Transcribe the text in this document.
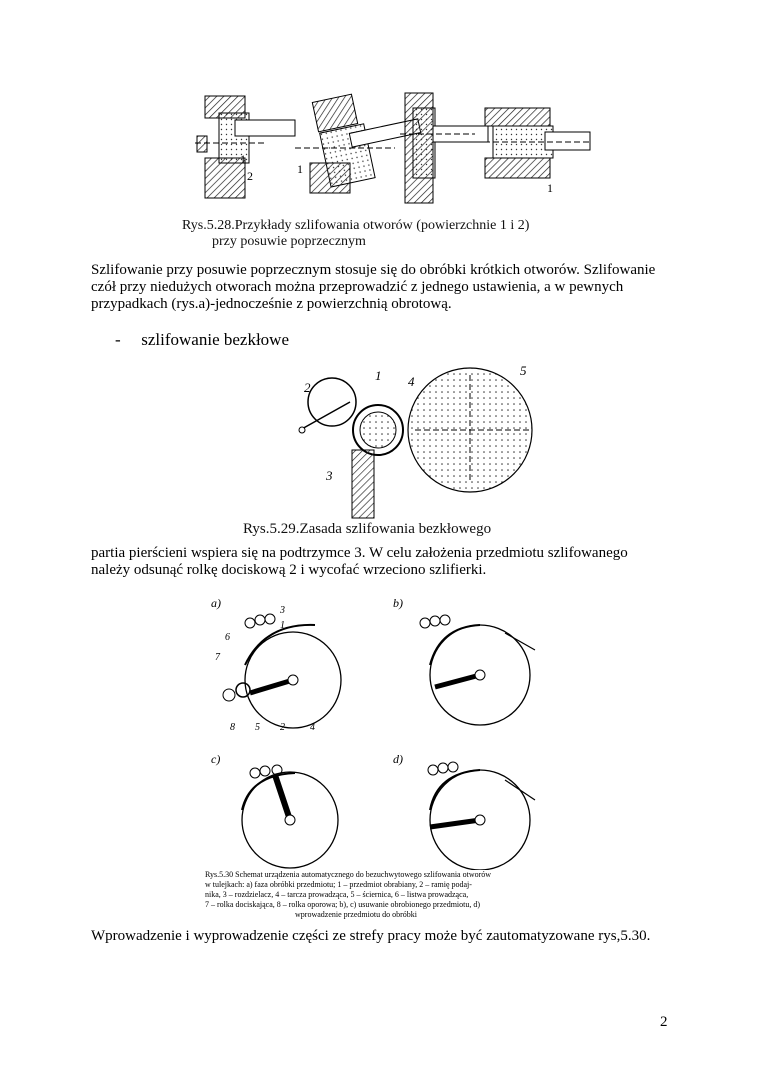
1
2	1
1
Rys.5.28.Przykłady szlifowania otworów (powierzchnie 1 i 2)
przy posuwie poprzecznym
Szlifowanie przy posuwie poprzecznym stosuje się do obróbki krótkich otworów. Szlifowanie
czół przy niedużych otworach można przeprowadzić z jednego ustawienia, a w pewnych
przypadkach (rys.a)-jednocześnie z powierzchnią obrotową.
- szlifowanie bezkłowe
2
1 4
5
3
Rys.5.29.Zasada szlifowania bezkłowego
partia pierścieni wspiera się na podtrzymce 3. W celu założenia przedmiotu szlifowanego
należy odsunąć rolkę dociskową 2 i wycofać wrzeciono szlifierki.
a)	b)
c)	d)
3
6
1
7
8 5 2	4
Rys.5.30 Schemat urządzenia automatycznego do bezuchwytowego szlifowania otworów
w tulejkach: a) faza obróbki przedmiotu; 1 – przedmiot obrabiany, 2 – ramię podaj-
nika, 3 – rozdzielacz, 4 – tarcza prowadząca, 5 – ściernica, 6 – listwa prowadząca,
7 – rolka dociskająca, 8 – rolka oporowa; b), c) usuwanie obrobionego przedmiotu, d)
wprowadzenie przedmiotu do obróbki
Wprowadzenie i wyprowadzenie części ze strefy pracy może być zautomatyzowane rys,5.30.
2
